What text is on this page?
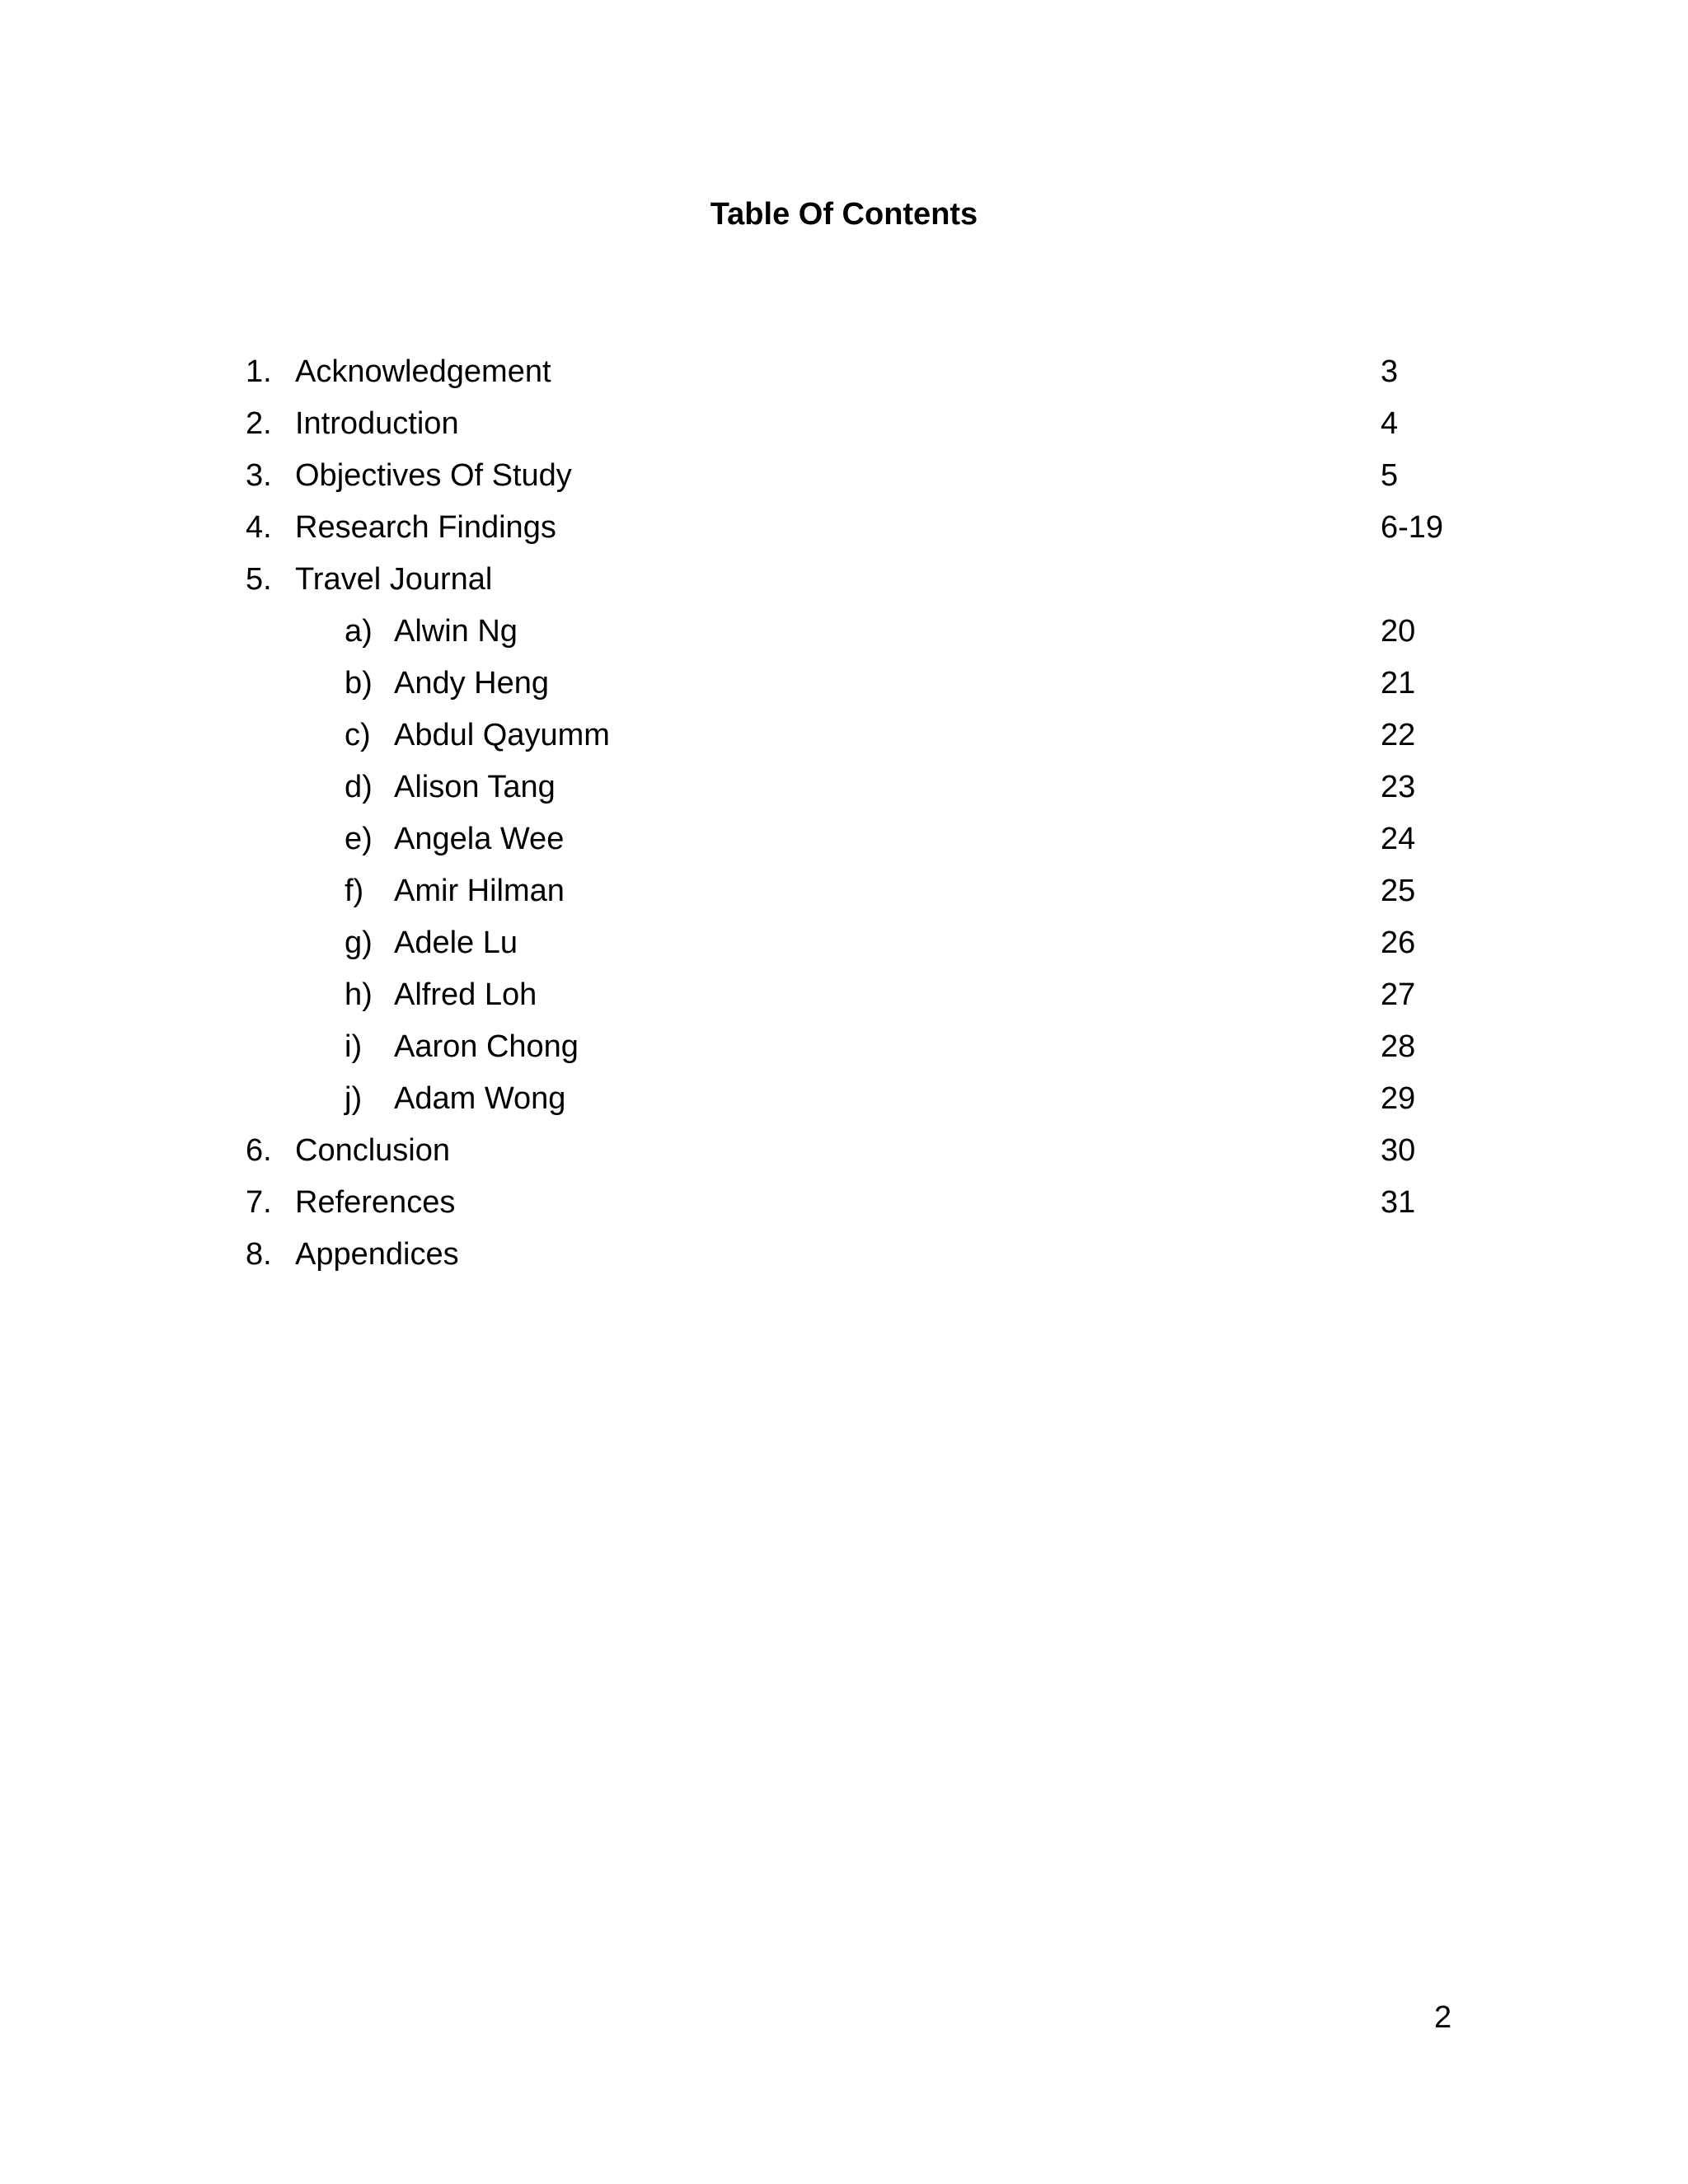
Table Of Contents
1. Acknowledgement	3
2. Introduction	4
3. Objectives Of Study	5
4. Research Findings	6-19
5. Travel Journal
a) Alwin Ng	20
b) Andy Heng	21
c) Abdul Qayumm	22
d) Alison Tang	23
e) Angela Wee	24
f) Amir Hilman	25
g) Adele Lu	26
h) Alfred Loh	27
i) Aaron Chong	28
j) Adam Wong	29
6. Conclusion	30
7. References	31
8. Appendices
2
